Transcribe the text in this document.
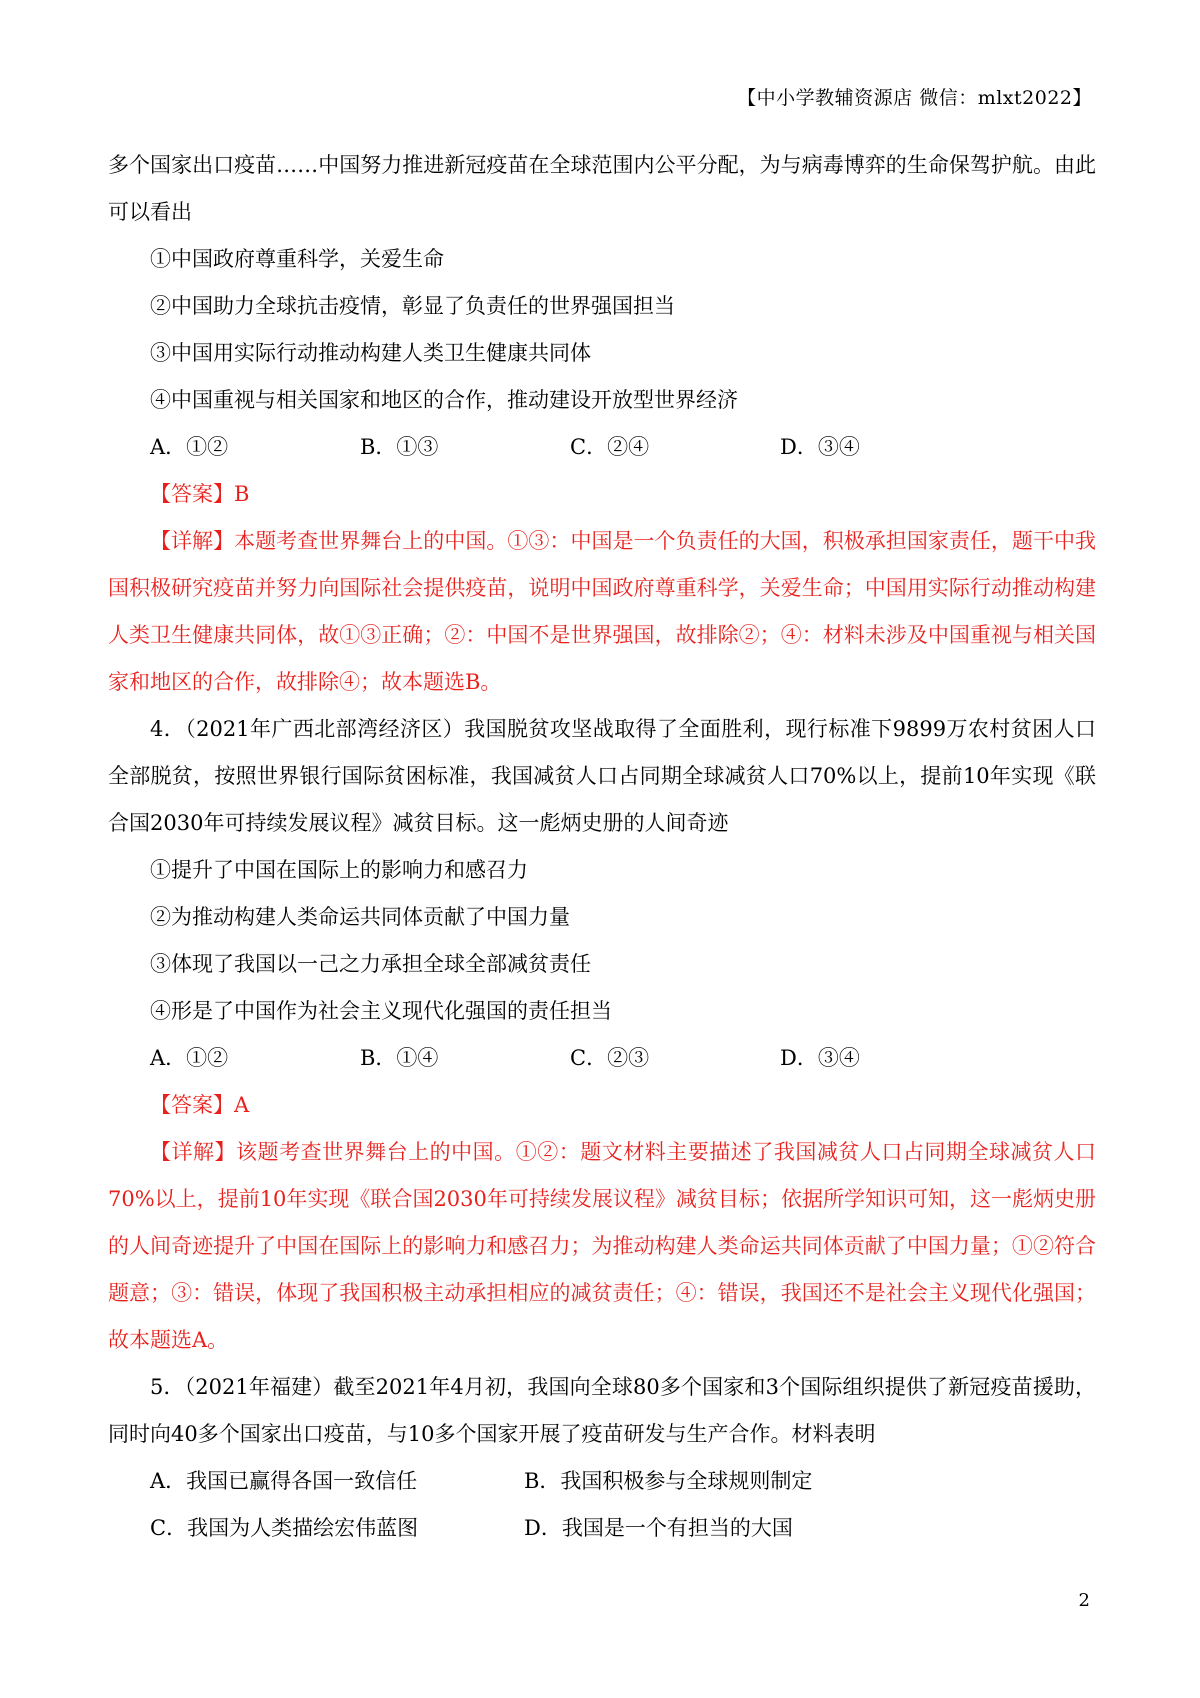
【中小学教辅资源店 微信：mlxt2022】

多个国家出口疫苗……中国努力推进新冠疫苗在全球范围内公平分配，为与病毒博弈的生命保驾护航。由此可以看出

①中国政府尊重科学，关爱生命

②中国助力全球抗击疫情，彰显了负责任的世界强国担当

③中国用实际行动推动构建人类卫生健康共同体

④中国重视与相关国家和地区的合作，推动建设开放型世界经济

A．①②	B．①③	C．②④	D．③④

【答案】B

【详解】本题考查世界舞台上的中国。①③：中国是一个负责任的大国，积极承担国家责任，题干中我国积极研究疫苗并努力向国际社会提供疫苗，说明中国政府尊重科学，关爱生命；中国用实际行动推动构建人类卫生健康共同体，故①③正确；②：中国不是世界强国，故排除②；④：材料未涉及中国重视与相关国家和地区的合作，故排除④；故本题选B。

4．（2021年广西北部湾经济区）我国脱贫攻坚战取得了全面胜利，现行标准下9899万农村贫困人口全部脱贫，按照世界银行国际贫困标准，我国减贫人口占同期全球减贫人口70%以上，提前10年实现《联合国2030年可持续发展议程》减贫目标。这一彪炳史册的人间奇迹

①提升了中国在国际上的影响力和感召力

②为推动构建人类命运共同体贡献了中国力量

③体现了我国以一己之力承担全球全部减贫责任

④形是了中国作为社会主义现代化强国的责任担当

A．①②	B．①④	C．②③	D．③④

【答案】A

【详解】该题考查世界舞台上的中国。①②：题文材料主要描述了我国减贫人口占同期全球减贫人口70%以上，提前10年实现《联合国2030年可持续发展议程》减贫目标；依据所学知识可知，这一彪炳史册的人间奇迹提升了中国在国际上的影响力和感召力；为推动构建人类命运共同体贡献了中国力量；①②符合题意；③：错误，体现了我国积极主动承担相应的减贫责任；④：错误，我国还不是社会主义现代化强国；故本题选A。

5．（2021年福建）截至2021年4月初，我国向全球80多个国家和3个国际组织提供了新冠疫苗援助，同时向40多个国家出口疫苗，与10多个国家开展了疫苗研发与生产合作。材料表明

A．我国已赢得各国一致信任	B．我国积极参与全球规则制定
C．我国为人类描绘宏伟蓝图	D．我国是一个有担当的大国
2
